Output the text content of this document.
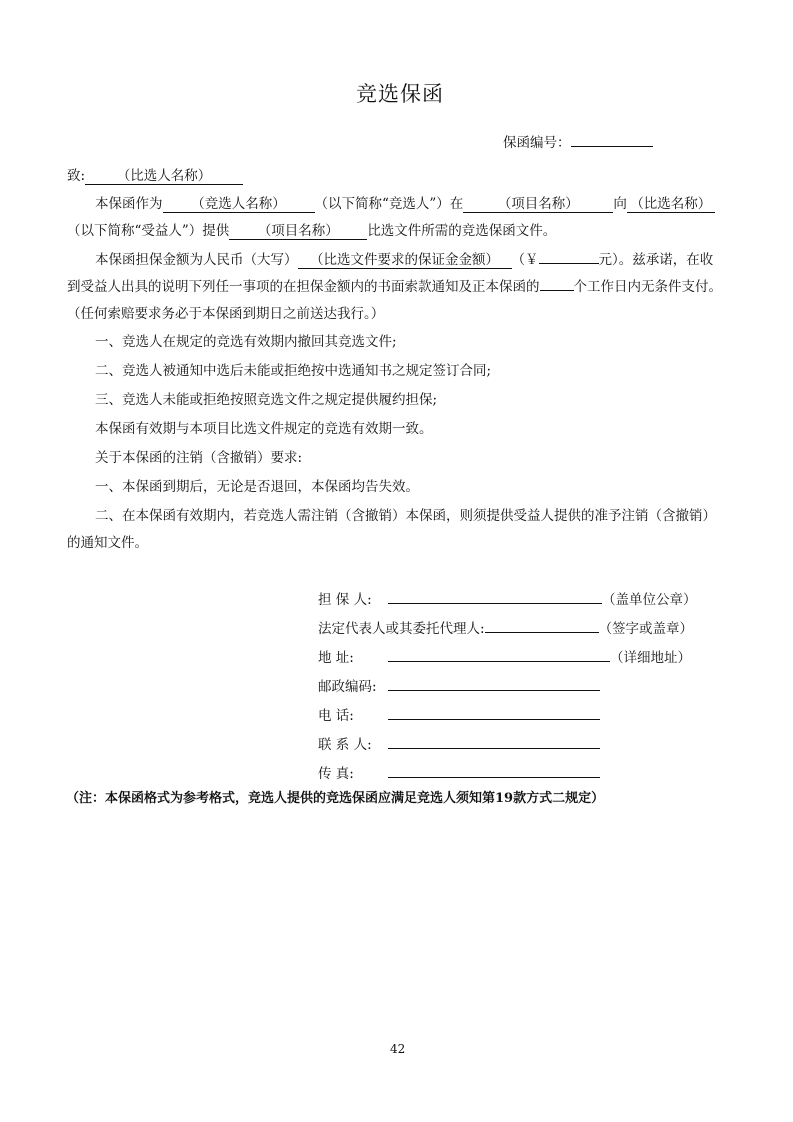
竞选保函
保函编号：
致: （比选人名称）
本保函作为 （竞选人名称） （以下简称“竞选人”）在	（项目名称）	向 （比选名称）
（以下简称“受益人”）提供 （项目名称） 比选文件所需的竞选保函文件。
本保函担保金额为人民币（大写） （比选文件要求的保证金金额） （￥	元）。兹承诺，在收
到受益人出具的说明下列任一事项的在担保金额内的书面索款通知及正本保函的	个工作日内无条件支付。
（任何索赔要求务必于本保函到期日之前送达我行。）
一、竞选人在规定的竞选有效期内撤回其竞选文件;
二、竞选人被通知中选后未能或拒绝按中选通知书之规定签订合同;
三、竞选人未能或拒绝按照竞选文件之规定提供履约担保;
本保函有效期与本项目比选文件规定的竞选有效期一致。
关于本保函的注销（含撤销）要求:
一、本保函到期后，无论是否退回，本保函均告失效。
二、在本保函有效期内，若竞选人需注销（含撤销）本保函，则须提供受益人提供的准予注销（含撤销）
的通知文件。
担 保 人:	（盖单位公章）
法定代表人或其委托代理人:	（签字或盖章）
地 址:	（详细地址）
邮政编码:
电 话:
联 系 人:
传 真:
（注：本保函格式为参考格式，竞选人提供的竞选保函应满足竞选人须知第19款方式二规定）
42
